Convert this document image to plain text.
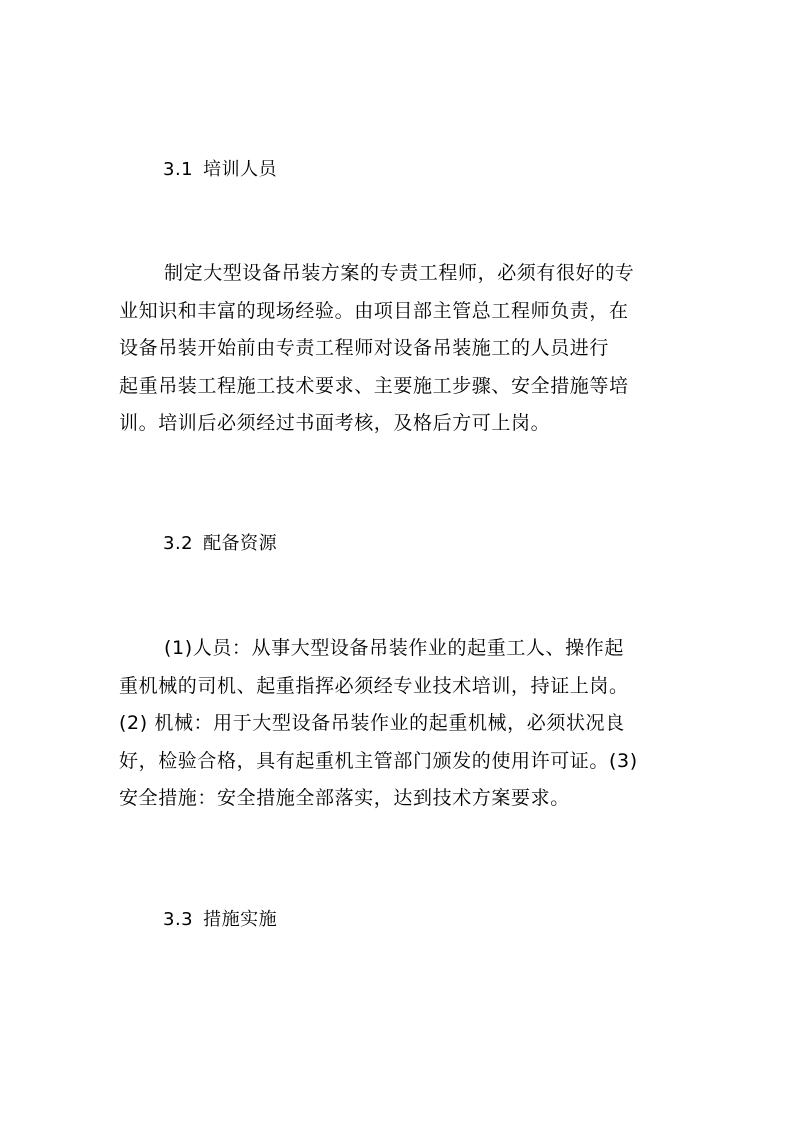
3.1 培训人员
制定大型设备吊装方案的专责工程师，必须有很好的专
业知识和丰富的现场经验。由项目部主管总工程师负责，在
设备吊装开始前由专责工程师对设备吊装施工的人员进行
起重吊装工程施工技术要求、主要施工步骤、安全措施等培
训。培训后必须经过书面考核，及格后方可上岗。
3.2 配备资源
(1)人员：从事大型设备吊装作业的起重工人、操作起
重机械的司机、起重指挥必须经专业技术培训，持证上岗。
(2) 机械：用于大型设备吊装作业的起重机械，必须状况良
好，检验合格，具有起重机主管部门颁发的使用许可证。(3)
安全措施：安全措施全部落实，达到技术方案要求。
3.3 措施实施
